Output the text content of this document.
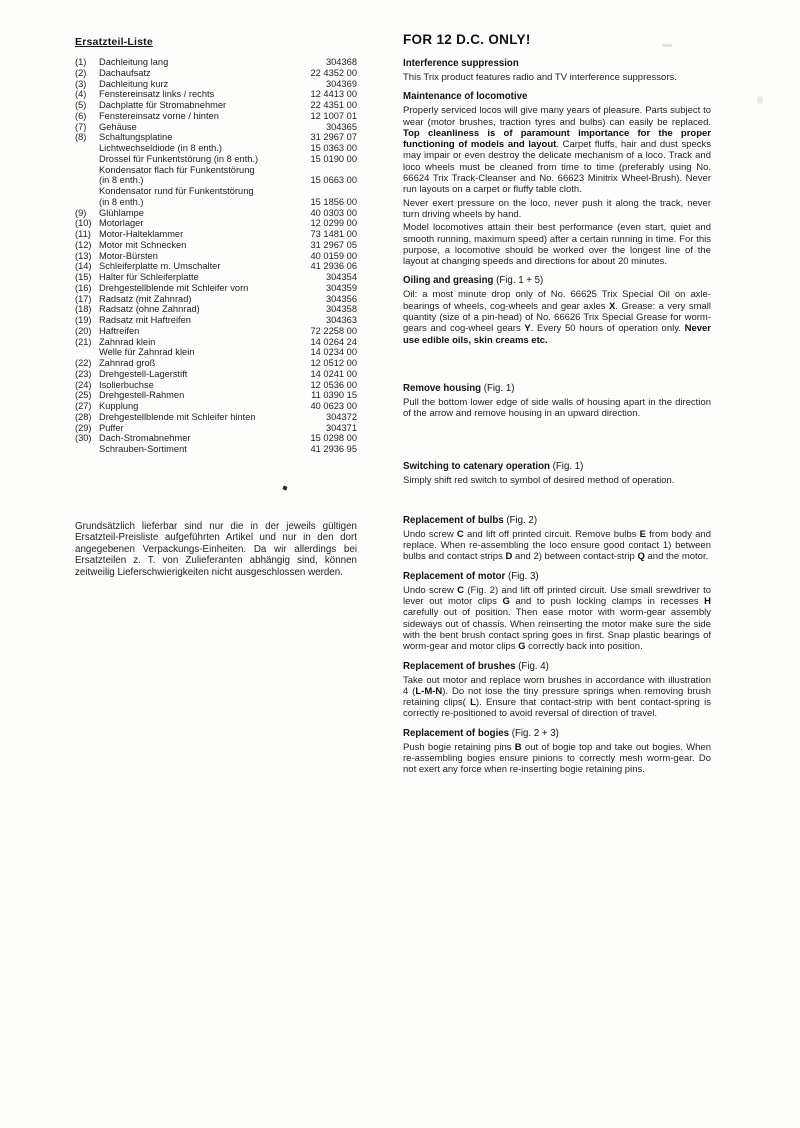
Ersatzteil-Liste
(1)	Dachleitung lang	304368
(2)	Dachaufsatz	22 4352 00
(3)	Dachleitung kurz	304369
(4)	Fenstereinsatz links / rechts	12 4413 00
(5)	Dachplatte für Stromabnehmer	22 4351 00
(6)	Fenstereinsatz vorne / hinten	12 1007 01
(7)	Gehäuse	304365
(8)	Schaltungsplatine	31 2967 07
Lichtwechseldiode (in 8 enth.)	15 0363 00
Drossel für Funkentstörung (in 8 enth.)	15 0190 00
Kondensator flach für Funkentstörung
(in 8 enth.)	15 0663 00
Kondensator rund für Funkentstörung
(in 8 enth.)	15 1856 00
(9)	Glühlampe	40 0303 00
(10) Motorlager	12 0299 00
(11) Motor-Halteklammer	73 1481 00
(12) Motor mit Schnecken	31 2967 05
(13) Motor-Bürsten	40 0159 00
(14) Schleiferplatte m. Umschalter	41 2936 06
(15) Halter für Schleiferplatte	304354
(16) Drehgestellblende mit Schleifer vorn	304359
(17) Radsatz (mit Zahnrad)	304356
(18) Radsatz (ohne Zahnrad)	304358
(19) Radsatz mit Haftreifen	304363
(20) Haftreifen	72 2258 00
(21) Zahnrad klein	14 0264 24
Welle für Zahnrad klein	14 0234 00
(22) Zahnrad groß	12 0512 00
(23) Drehgestell-Lagerstift	14 0241 00
(24) Isolierbuchse	12 0536 00
(25) Drehgestell-Rahmen	11 0390 15
(27) Kupplung	40 0623 00
(28) Drehgestellblende mit Schleifer hinten	304372
(29) Puffer	304371
(30) Dach-Stromabnehmer	15 0298 00
Schrauben-Sortiment	41 2936 95

Grundsätzlich lieferbar sind nur die in der jeweils gültigen Ersatzteil-Preisliste aufgeführten Artikel und nur in den dort angegebenen Verpackungs-Einheiten. Da wir allerdings bei Ersatzteilen z. T. von Zulieferanten abhängig sind, können zeitweilig Lieferschwierigkeiten nicht ausgeschlossen werden.

FOR 12 D.C. ONLY!
Interference suppression

This Trix product features radio and TV interference suppressors.

Maintenance of locomotive

Properly serviced locos will give many years of pleasure. Parts subject to wear (motor brushes, traction tyres and bulbs) can easily be replaced. Top cleanliness is of paramount importance for the proper functioning of models and layout. Carpet fluffs, hair and dust specks may impair or even destroy the delicate mechanism of a loco. Track and loco wheels must be cleaned from time to time (preferably using No. 66624 Trix Track-Cleanser and No. 66623 Minitrix Wheel-Brush). Never run layouts on a carpet or fluffy table cloth.

Never exert pressure on the loco, never push it along the track, never turn driving wheels by hand.

Model locomotives attain their best performance (even start, quiet and smooth running, maximum speed) after a certain running in time. For this purpose, a locomotive should be worked over the longest line of the layout at changing speeds and directions for about 20 minutes.

Oiling and greasing (Fig. 1 + 5)

Oil: a most minute drop only of No. 66625 Trix Special Oil on axle-bearings of wheels, cog-wheels and gear axles X. Grease: a very small quantity (size of a pin-head) of No. 66626 Trix Special Grease for worm-gears and cog-wheel gears Y. Every 50 hours of operation only. Never use edible oils, skin creams etc.

Remove housing (Fig. 1)

Pull the bottom lower edge of side walls of housing apart in the direction of the arrow and remove housing in an upward direction.

Switching to catenary operation (Fig. 1)

Simply shift red switch to symbol of desired method of operation.

Replacement of bulbs (Fig. 2)

Undo screw C and lift off printed circuit. Remove bulbs E from body and replace. When re-assembling the loco ensure good contact 1) between bulbs and contact strips D and 2) between contact-strip Q and the motor.

Replacement of motor (Fig. 3)

Undo screw C (Fig. 2) and lift off printed circuit. Use small srewdriver to lever out motor clips G and to push locking clamps in recesses H carefully out of position. Then ease motor with worm-gear assembly sideways out of chassis. When reinserting the motor make sure the side with the bent brush contact spring goes in first. Snap plastic bearings of worm-gear and motor clips G correctly back into position.

Replacement of brushes (Fig. 4)

Take out motor and replace worn brushes in accordance with illustration 4 (L-M-N). Do not lose the tiny pressure springs when removing brush retaining clips( L). Ensure that contact-strip with bent contact-spring is correctly re-positioned to avoid reversal of direction of travel.

Replacement of bogies (Fig. 2 + 3)

Push bogie retaining pins B out of bogie top and take out bogies. When re-assembling bogies ensure pinions to correctly mesh worm-gear. Do not exert any force when re-inserting bogie retaining pins.
